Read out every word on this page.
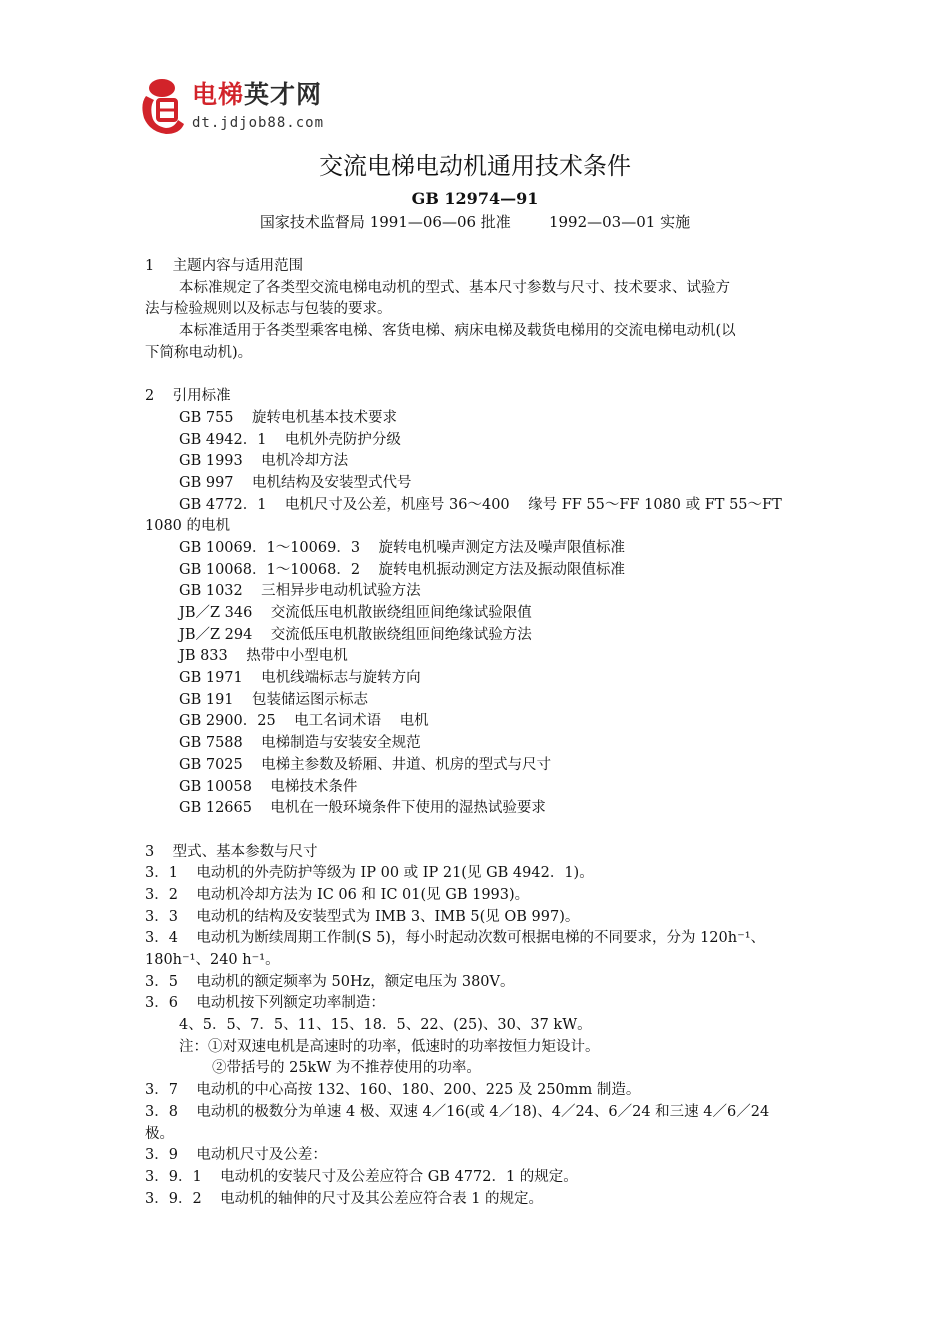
电梯英才网
dt.jdjob88.com
交流电梯电动机通用技术条件
GB 12974—91
国家技术监督局 1991—06—06 批准        1992—03—01 实施
1    主题内容与适用范围
本标准规定了各类型交流电梯电动机的型式、基本尺寸参数与尺寸、技术要求、试验方
法与检验规则以及标志与包装的要求。
本标准适用于各类型乘客电梯、客货电梯、病床电梯及载货电梯用的交流电梯电动机(以
下简称电动机)。
2    引用标准
GB 755    旋转电机基本技术要求
GB 4942．1    电机外壳防护分级
GB 1993    电机冷却方法
GB 997    电机结构及安装型式代号
GB 4772．1    电机尺寸及公差，机座号 36～400    缘号 FF 55～FF 1080 或 FT 55～FT
1080 的电机
GB 10069．1～10069．3    旋转电机噪声测定方法及噪声限值标准
GB 10068．1～10068．2    旋转电机振动测定方法及振动限值标准
GB 1032    三相异步电动机试验方法
JB／Z 346    交流低压电机散嵌绕组匝间绝缘试验限值
JB／Z 294    交流低压电机散嵌绕组匝间绝缘试验方法
JB 833    热带中小型电机
GB 1971    电机线端标志与旋转方向
GB 191    包装储运图示标志
GB 2900．25    电工名词术语    电机
GB 7588    电梯制造与安装安全规范
GB 7025    电梯主参数及轿厢、井道、机房的型式与尺寸
GB 10058    电梯技术条件
GB 12665    电机在一般环境条件下使用的湿热试验要求
3    型式、基本参数与尺寸
3．1    电动机的外壳防护等级为 IP 00 或 IP 21(见 GB 4942．1)。
3．2    电动机冷却方法为 IC 06 和 IC 01(见 GB 1993)。
3．3    电动机的结构及安装型式为 IMB 3、IMB 5(见 OB 997)。
3．4    电动机为断续周期工作制(S 5)，每小时起动次数可根据电梯的不同要求，分为 120h⁻¹、
180h⁻¹、240 h⁻¹。
3．5    电动机的额定频率为 50Hz，额定电压为 380V。
3．6    电动机按下列额定功率制造：
4、5．5、7．5、11、15、18．5、22、(25)、30、37 kW。
注：①对双速电机是高速时的功率，低速时的功率按恒力矩设计。
②带括号的 25kW 为不推荐使用的功率。
3．7    电动机的中心高按 132、160、180、200、225 及 250mm 制造。
3．8    电动机的极数分为单速 4 极、双速 4／16(或 4／18)、4／24、6／24 和三速 4／6／24
极。
3．9    电动机尺寸及公差：
3．9．1    电动机的安装尺寸及公差应符合 GB 4772．1 的规定。
3．9．2    电动机的轴伸的尺寸及其公差应符合表 1 的规定。
